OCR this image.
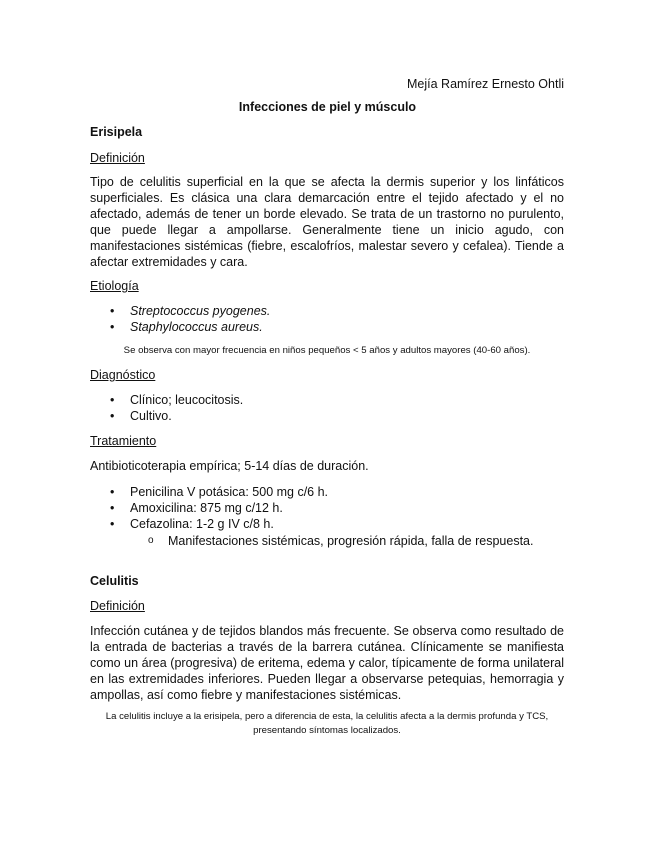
Mejía Ramírez Ernesto Ohtli
Infecciones de piel y músculo
Erisipela
Definición
Tipo de celulitis superficial en la que se afecta la dermis superior y los linfáticos superficiales. Es clásica una clara demarcación entre el tejido afectado y el no afectado, además de tener un borde elevado. Se trata de un trastorno no purulento, que puede llegar a ampollarse. Generalmente tiene un inicio agudo, con manifestaciones sistémicas (fiebre, escalofríos, malestar severo y cefalea). Tiende a afectar extremidades y cara.
Etiología
• Streptococcus pyogenes.
• Staphylococcus aureus.
Se observa con mayor frecuencia en niños pequeños < 5 años y adultos mayores (40-60 años).
Diagnóstico
• Clínico; leucocitosis.
• Cultivo.
Tratamiento
Antibioticoterapia empírica; 5-14 días de duración.
• Penicilina V potásica: 500 mg c/6 h.
• Amoxicilina: 875 mg c/12 h.
• Cefazolina: 1-2 g IV c/8 h.
o Manifestaciones sistémicas, progresión rápida, falla de respuesta.
Celulitis
Definición
Infección cutánea y de tejidos blandos más frecuente. Se observa como resultado de la entrada de bacterias a través de la barrera cutánea. Clínicamente se manifiesta como un área (progresiva) de eritema, edema y calor, típicamente de forma unilateral en las extremidades inferiores. Pueden llegar a observarse petequias, hemorragia y ampollas, así como fiebre y manifestaciones sistémicas.
La celulitis incluye a la erisipela, pero a diferencia de esta, la celulitis afecta a la dermis profunda y TCS, presentando síntomas localizados.
